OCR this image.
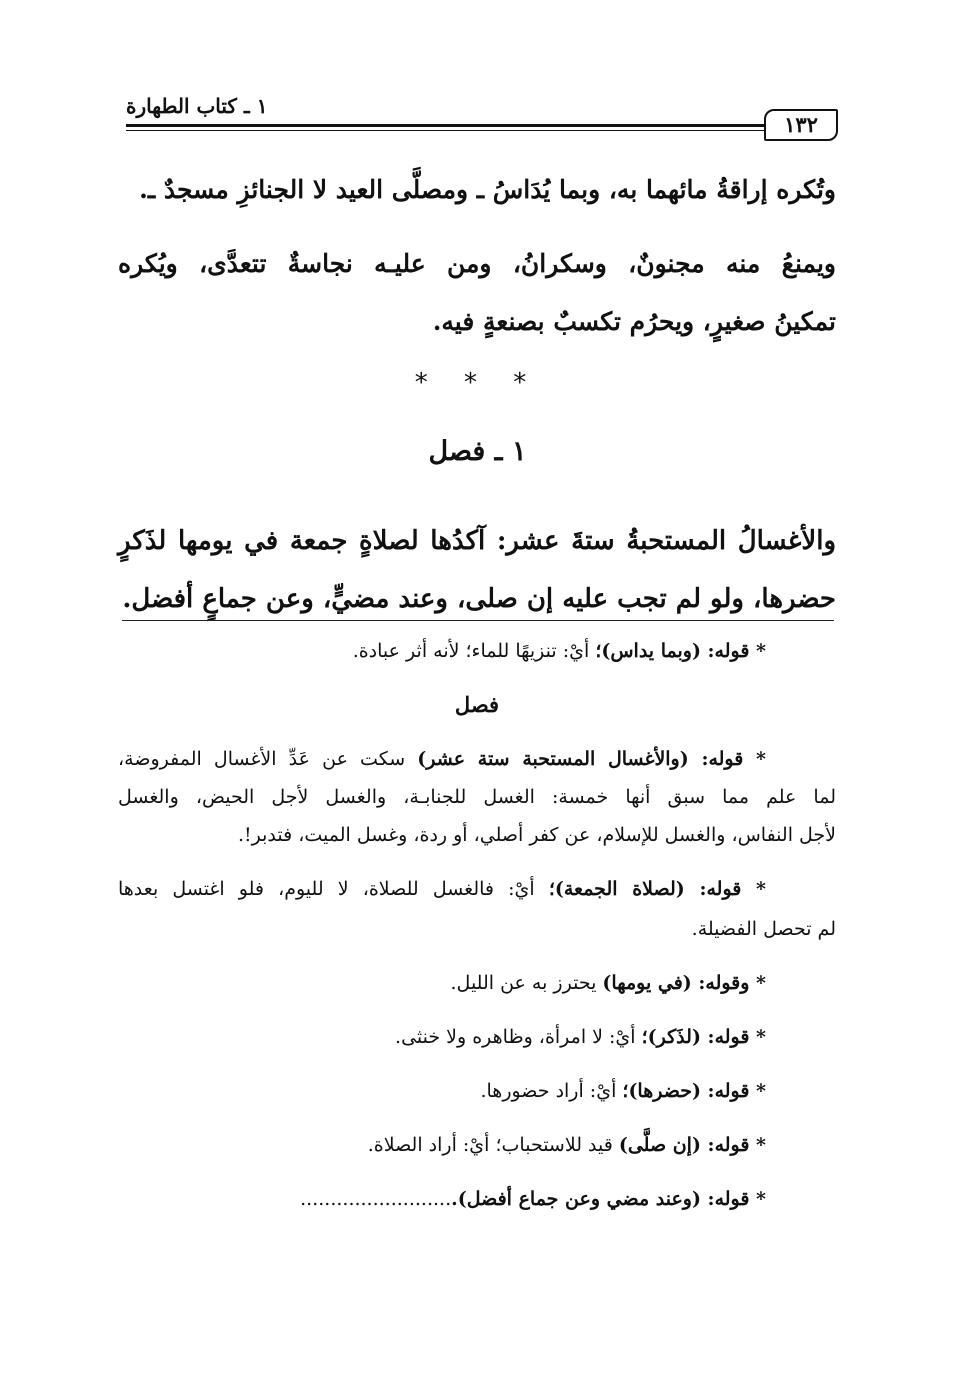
١٣٢
١ ـ كتاب الطهارة

وتُكره إراقةُ مائهما به، وبما يُدَاسُ ـ ومصلَّى العيد لا الجنائزِ مسجدٌ ـ.

ويمنعُ منه مجنونٌ، وسكرانُ، ومن عليـه نجاسةٌ تتعدَّى، ويُكره

تمكينُ صغيرٍ، ويحرُم تكسبٌ بصنعةٍ فيه.

* * *
١ ـ فصل

والأغسالُ المستحبةُ ستةَ عشر: آكدُها لصلاةٍ جمعة في يومها لذَكرٍ

حضرها، ولو لم تجب عليه إن صلى، وعند مضيٍّ، وعن جماعٍ أفضل.

* قوله: (وبما يداس)؛ أيْ: تنزيهًا للماء؛ لأنه أثر عبادة.

فصل

* قوله: (والأغسال المستحبة ستة عشر) سكت عن عَدِّ الأغسال المفروضة،

لما علم مما سبق أنها خمسة: الغسل للجنابـة، والغسل لأجل الحيض، والغسل

لأجل النفاس، والغسل للإسلام، عن كفر أصلي، أو ردة، وغسل الميت، فتدبر!.

* قوله: (لصلاة الجمعة)؛ أيْ: فالغسل للصلاة، لا لليوم، فلو اغتسل بعدها

لم تحصل الفضيلة.

* وقوله: (في يومها) يحترز به عن الليل.

* قوله: (لذَكر)؛ أيْ: لا امرأة، وظاهره ولا خنثى.

* قوله: (حضرها)؛ أيْ: أراد حضورها.

* قوله: (إن صلَّى) قيد للاستحباب؛ أيْ: أراد الصلاة.

* قوله: (وعند مضي وعن جماع أفضل)..........................
